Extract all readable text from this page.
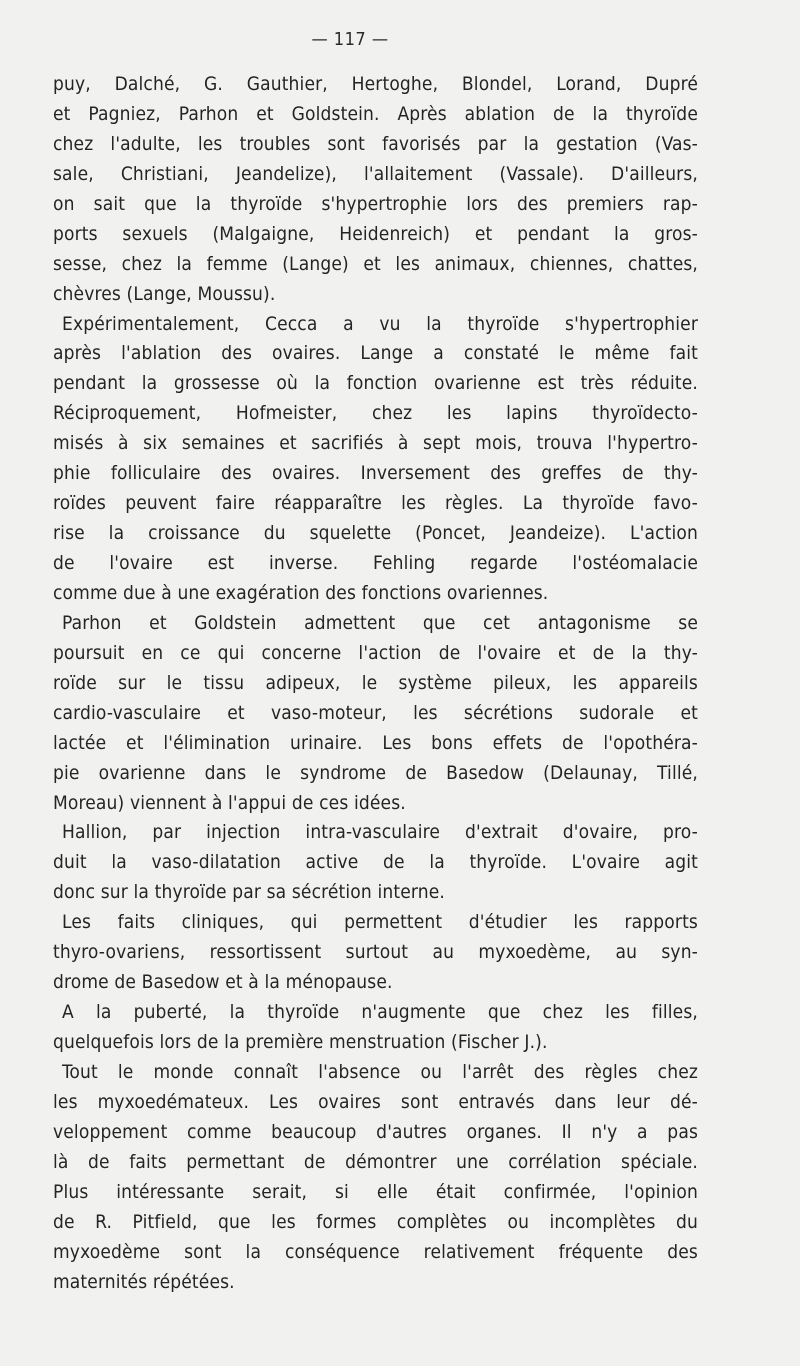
— 117 —
puy, Dalché, G. Gauthier, Hertoghe, Blondel, Lorand, Dupré
et Pagniez, Parhon et Goldstein. Après ablation de la thyroïde
chez l'adulte, les troubles sont favorisés par la gestation (Vas-
sale, Christiani, Jeandelize), l'allaitement (Vassale). D'ailleurs,
on sait que la thyroïde s'hypertrophie lors des premiers rap-
ports sexuels (Malgaigne, Heidenreich) et pendant la gros-
sesse, chez la femme (Lange) et les animaux, chiennes, chattes,
chèvres (Lange, Moussu).
Expérimentalement, Cecca a vu la thyroïde s'hypertrophier
après l'ablation des ovaires. Lange a constaté le même fait
pendant la grossesse où la fonction ovarienne est très réduite.
Réciproquement, Hofmeister, chez les lapins thyroïdecto-
misés à six semaines et sacrifiés à sept mois, trouva l'hypertro-
phie folliculaire des ovaires. Inversement des greffes de thy-
roïdes peuvent faire réapparaître les règles. La thyroïde favo-
rise la croissance du squelette (Poncet, Jeandeize). L'action
de l'ovaire est inverse. Fehling regarde l'ostéomalacie
comme due à une exagération des fonctions ovariennes.
Parhon et Goldstein admettent que cet antagonisme se
poursuit en ce qui concerne l'action de l'ovaire et de la thy-
roïde sur le tissu adipeux, le système pileux, les appareils
cardio-vasculaire et vaso-moteur, les sécrétions sudorale et
lactée et l'élimination urinaire. Les bons effets de l'opothéra-
pie ovarienne dans le syndrome de Basedow (Delaunay, Tillé,
Moreau) viennent à l'appui de ces idées.
Hallion, par injection intra-vasculaire d'extrait d'ovaire, pro-
duit la vaso-dilatation active de la thyroïde. L'ovaire agit
donc sur la thyroïde par sa sécrétion interne.
Les faits cliniques, qui permettent d'étudier les rapports
thyro-ovariens, ressortissent surtout au myxoedème, au syn-
drome de Basedow et à la ménopause.
A la puberté, la thyroïde n'augmente que chez les filles,
quelquefois lors de la première menstruation (Fischer J.).
Tout le monde connaît l'absence ou l'arrêt des règles chez
les myxoedémateux. Les ovaires sont entravés dans leur dé-
veloppement comme beaucoup d'autres organes. Il n'y a pas
là de faits permettant de démontrer une corrélation spéciale.
Plus intéressante serait, si elle était confirmée, l'opinion
de R. Pitfield, que les formes complètes ou incomplètes du
myxoedème sont la conséquence relativement fréquente des
maternités répétées.
